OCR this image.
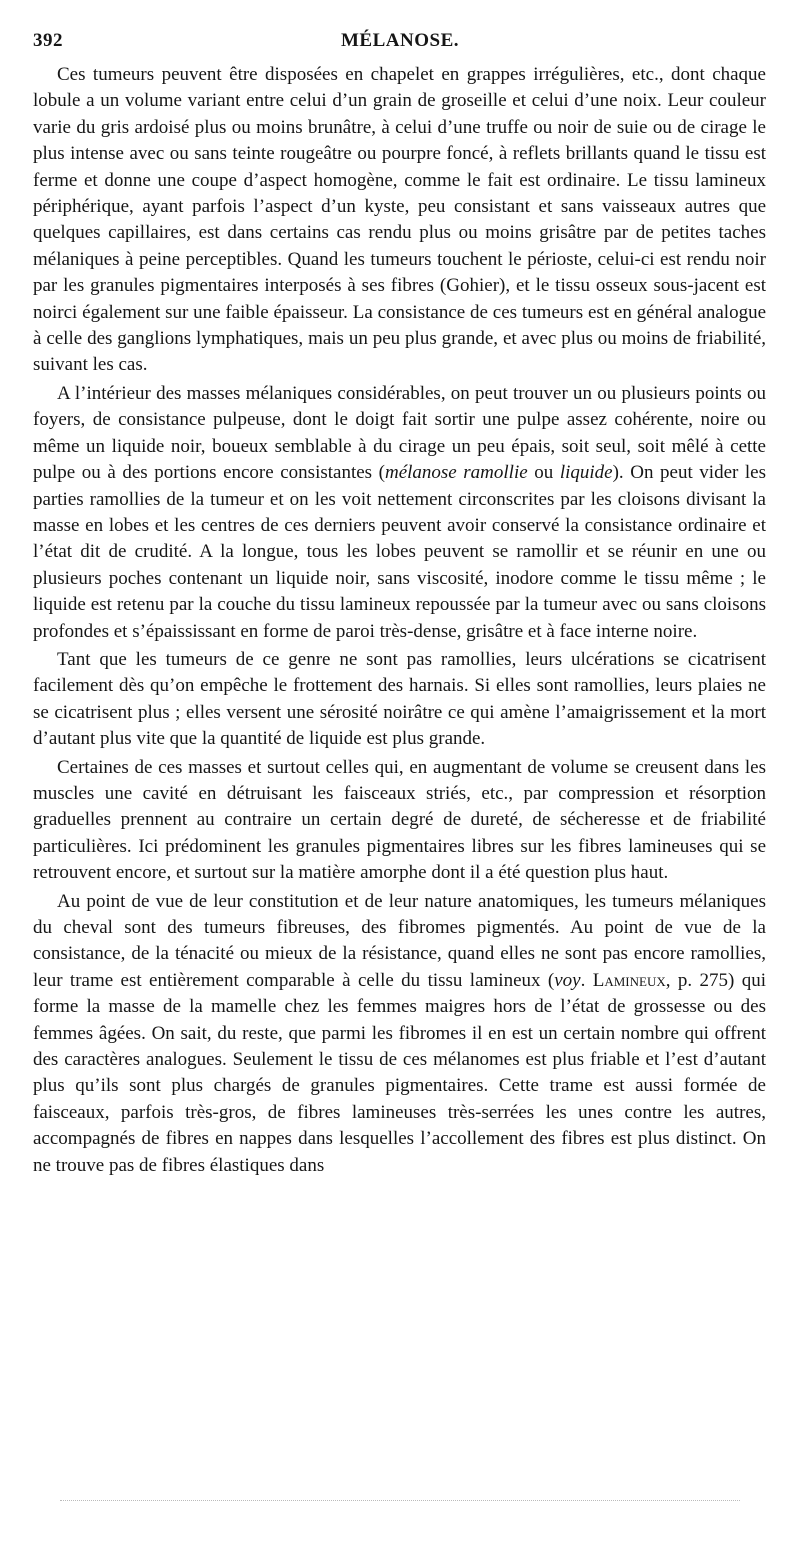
392	MÉLANOSE.

Ces tumeurs peuvent être disposées en chapelet en grappes irrégulières, etc., dont chaque lobule a un volume variant entre celui d’un grain de groseille et celui d’une noix. Leur couleur varie du gris ardoisé plus ou moins brunâtre, à celui d’une truffe ou noir de suie ou de cirage le plus intense avec ou sans teinte rougeâtre ou pourpre foncé, à reflets brillants quand le tissu est ferme et donne une coupe d’aspect homogène, comme le fait est ordinaire. Le tissu lamineux périphérique, ayant parfois l’aspect d’un kyste, peu consistant et sans vaisseaux autres que quelques capillaires, est dans certains cas rendu plus ou moins grisâtre par de petites taches mélaniques à peine perceptibles. Quand les tumeurs touchent le périoste, celui-ci est rendu noir par les granules pigmentaires interposés à ses fibres (Gohier), et le tissu osseux sous-jacent est noirci également sur une faible épaisseur. La consistance de ces tumeurs est en général analogue à celle des ganglions lymphatiques, mais un peu plus grande, et avec plus ou moins de friabilité, suivant les cas.

A l’intérieur des masses mélaniques considérables, on peut trouver un ou plusieurs points ou foyers, de consistance pulpeuse, dont le doigt fait sortir une pulpe assez cohérente, noire ou même un liquide noir, boueux semblable à du cirage un peu épais, soit seul, soit mêlé à cette pulpe ou à des portions encore consistantes (mélanose ramollie ou liquide). On peut vider les parties ramollies de la tumeur et on les voit nettement circonscrites par les cloisons divisant la masse en lobes et les centres de ces derniers peuvent avoir conservé la consistance ordinaire et l’état dit de crudité. A la longue, tous les lobes peuvent se ramollir et se réunir en une ou plusieurs poches contenant un liquide noir, sans viscosité, inodore comme le tissu même ; le liquide est retenu par la couche du tissu lamineux repoussée par la tumeur avec ou sans cloisons profondes et s’épaississant en forme de paroi très-dense, grisâtre et à face interne noire.

Tant que les tumeurs de ce genre ne sont pas ramollies, leurs ulcérations se cicatrisent facilement dès qu’on empêche le frottement des harnais. Si elles sont ramollies, leurs plaies ne se cicatrisent plus ; elles versent une sérosité noirâtre ce qui amène l’amaigrissement et la mort d’autant plus vite que la quantité de liquide est plus grande.

Certaines de ces masses et surtout celles qui, en augmentant de volume se creusent dans les muscles une cavité en détruisant les faisceaux striés, etc., par compression et résorption graduelles prennent au contraire un certain degré de dureté, de sécheresse et de friabilité particulières. Ici prédominent les granules pigmentaires libres sur les fibres lamineuses qui se retrouvent encore, et surtout sur la matière amorphe dont il a été question plus haut.

Au point de vue de leur constitution et de leur nature anatomiques, les tumeurs mélaniques du cheval sont des tumeurs fibreuses, des fibromes pigmentés. Au point de vue de la consistance, de la ténacité ou mieux de la résistance, quand elles ne sont pas encore ramollies, leur trame est entièrement comparable à celle du tissu lamineux (voy. Lamineux, p. 275) qui forme la masse de la mamelle chez les femmes maigres hors de l’état de grossesse ou des femmes âgées. On sait, du reste, que parmi les fibromes il en est un certain nombre qui offrent des caractères analogues. Seulement le tissu de ces mélanomes est plus friable et l’est d’autant plus qu’ils sont plus chargés de granules pigmentaires. Cette trame est aussi formée de faisceaux, parfois très-gros, de fibres lamineuses très-serrées les unes contre les autres, accompagnés de fibres en nappes dans lesquelles l’accollement des fibres est plus distinct. On ne trouve pas de fibres élastiques dans
